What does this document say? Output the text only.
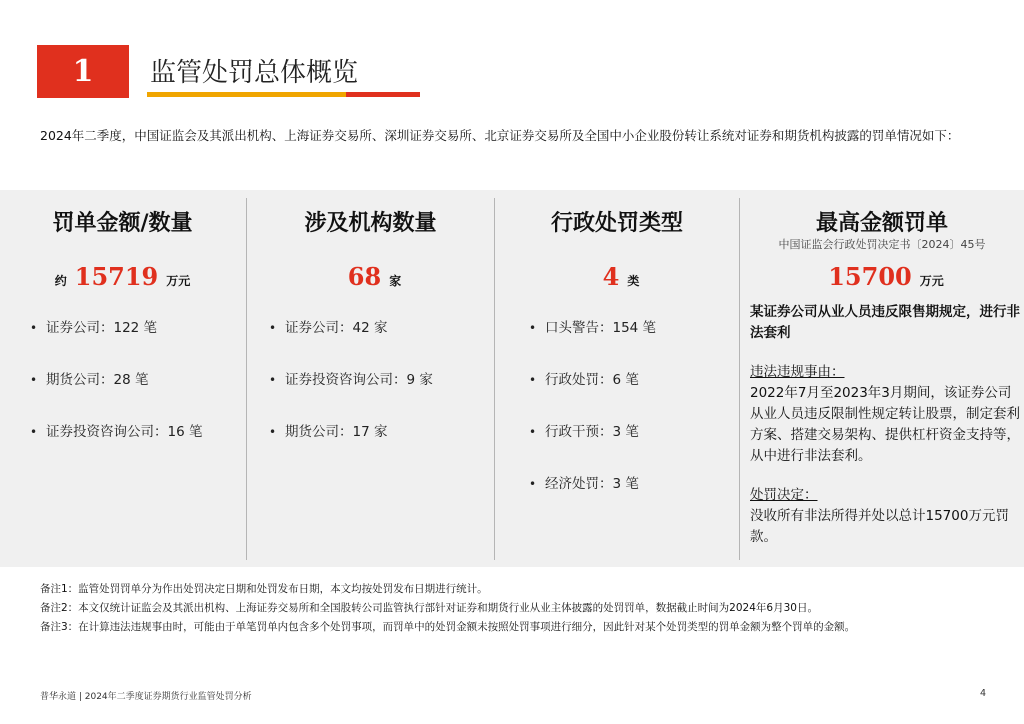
1	监管处罚总体概览
2024年二季度，中国证监会及其派出机构、上海证券交易所、深圳证券交易所、北京证券交易所及全国中小企业股份转让系统对证券和期货机构披露的罚单情况如下：
罚单金额/数量
约 15719 万元
• 证券公司：122 笔
• 期货公司：28 笔
• 证券投资咨询公司：16 笔
涉及机构数量
68 家
• 证券公司：42 家
• 证券投资咨询公司：9 家
• 期货公司：17 家
行政处罚类型
4 类
• 口头警告：154 笔
• 行政处罚：6 笔
• 行政干预：3 笔
• 经济处罚：3 笔
最高金额罚单
中国证监会行政处罚决定书〔2024〕45号
15700 万元
某证券公司从业人员违反限售期规定，进行非法套利
违法违规事由：
2022年7月至2023年3月期间，该证券公司从业人员违反限制性规定转让股票，制定套利方案、搭建交易架构、提供杠杆资金支持等，从中进行非法套利。
处罚决定：
没收所有非法所得并处以总计15700万元罚款。
备注1：监管处罚罚单分为作出处罚决定日期和处罚发布日期，本文均按处罚发布日期进行统计。
备注2：本文仅统计证监会及其派出机构、上海证券交易所和全国股转公司监管执行部针对证券和期货行业从业主体披露的处罚罚单，数据截止时间为2024年6月30日。
备注3：在计算违法违规事由时，可能由于单笔罚单内包含多个处罚事项，而罚单中的处罚金额未按照处罚事项进行细分，因此针对某个处罚类型的罚单金额为整个罚单的金额。
普华永道 | 2024年二季度证券期货行业监管处罚分析	4
